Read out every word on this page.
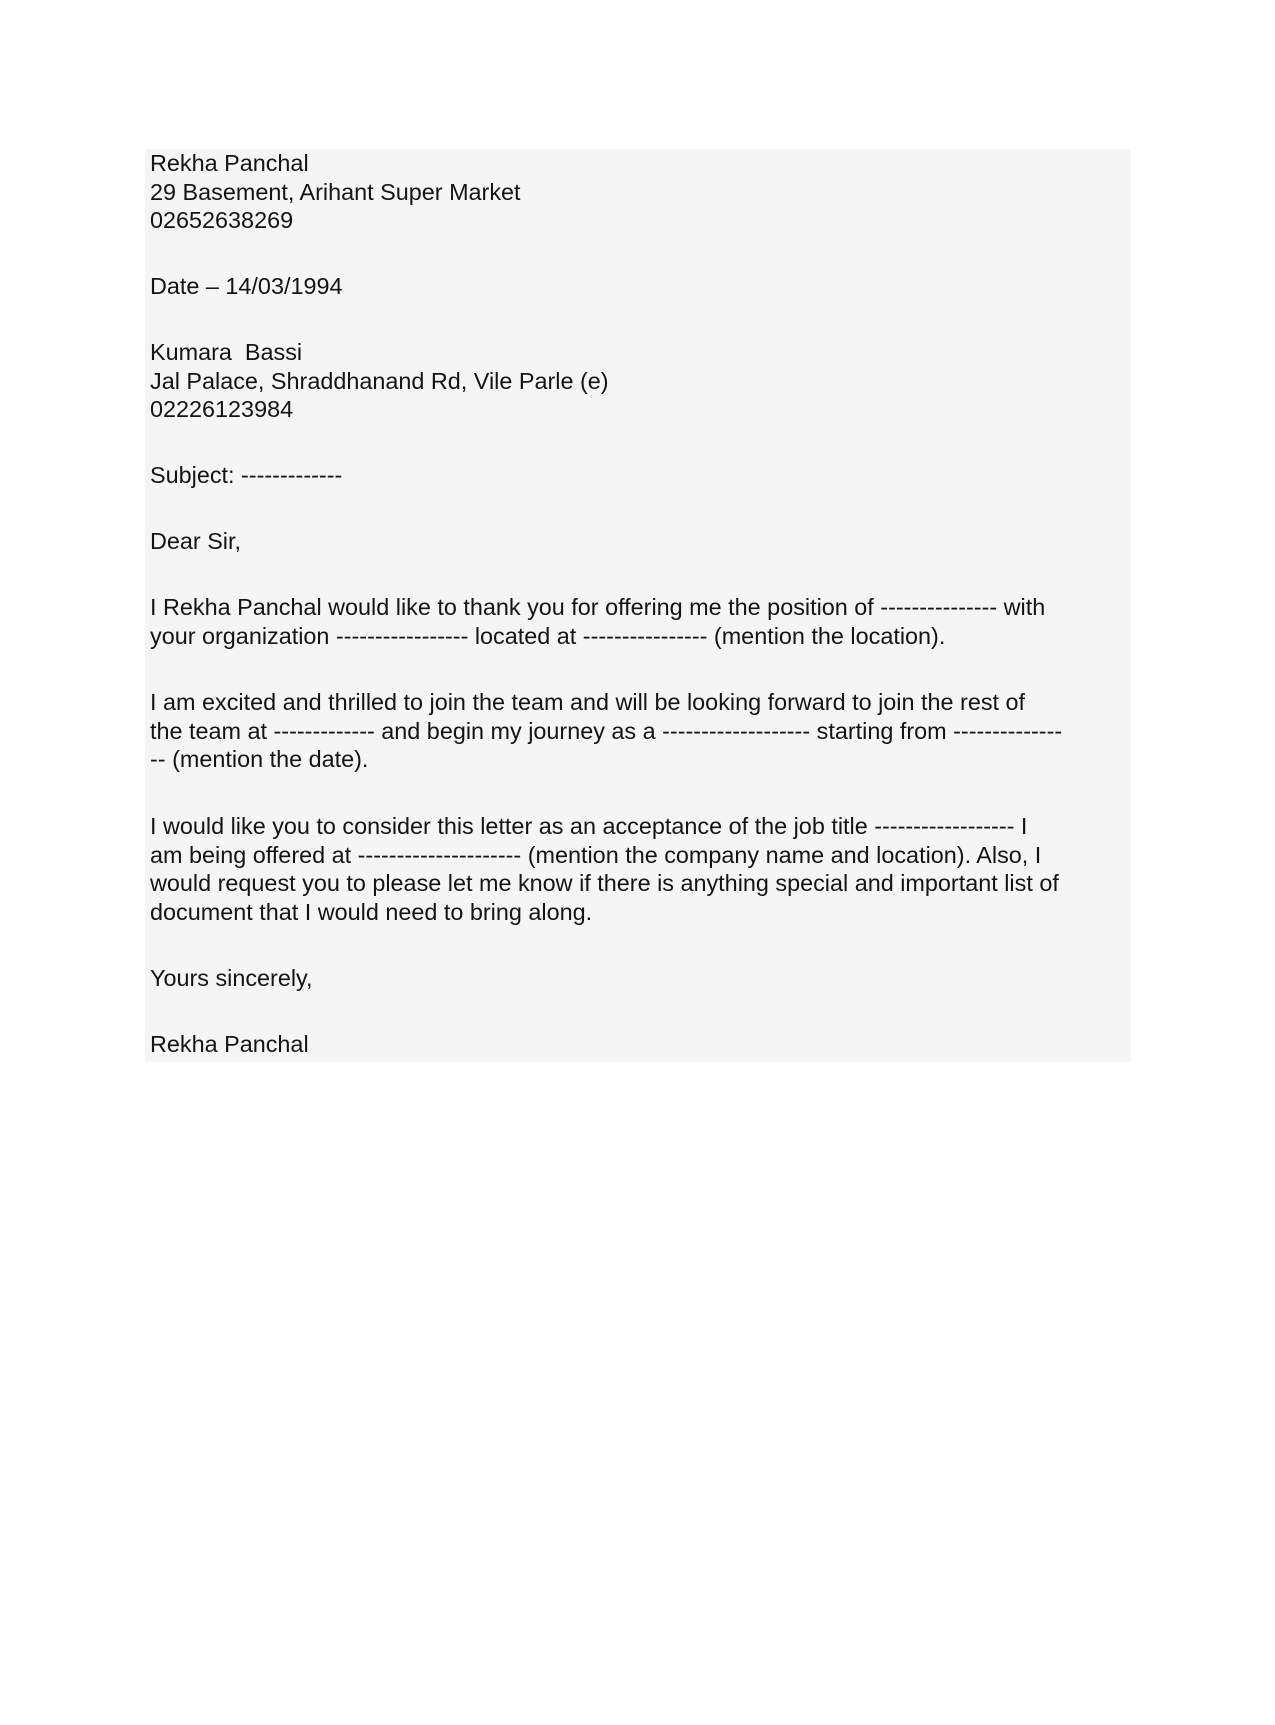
Rekha Panchal
29 Basement, Arihant Super Market
02652638269
Date – 14/03/1994
Kumara  Bassi
Jal Palace, Shraddhanand Rd, Vile Parle (e)
02226123984
Subject: -------------
Dear Sir,
I Rekha Panchal would like to thank you for offering me the position of --------------- with
your organization ----------------- located at ---------------- (mention the location).
I am excited and thrilled to join the team and will be looking forward to join the rest of
the team at ------------- and begin my journey as a ------------------- starting from --------------
-- (mention the date).
I would like you to consider this letter as an acceptance of the job title ------------------ I
am being offered at --------------------- (mention the company name and location). Also, I
would request you to please let me know if there is anything special and important list of
document that I would need to bring along.
Yours sincerely,
Rekha Panchal
